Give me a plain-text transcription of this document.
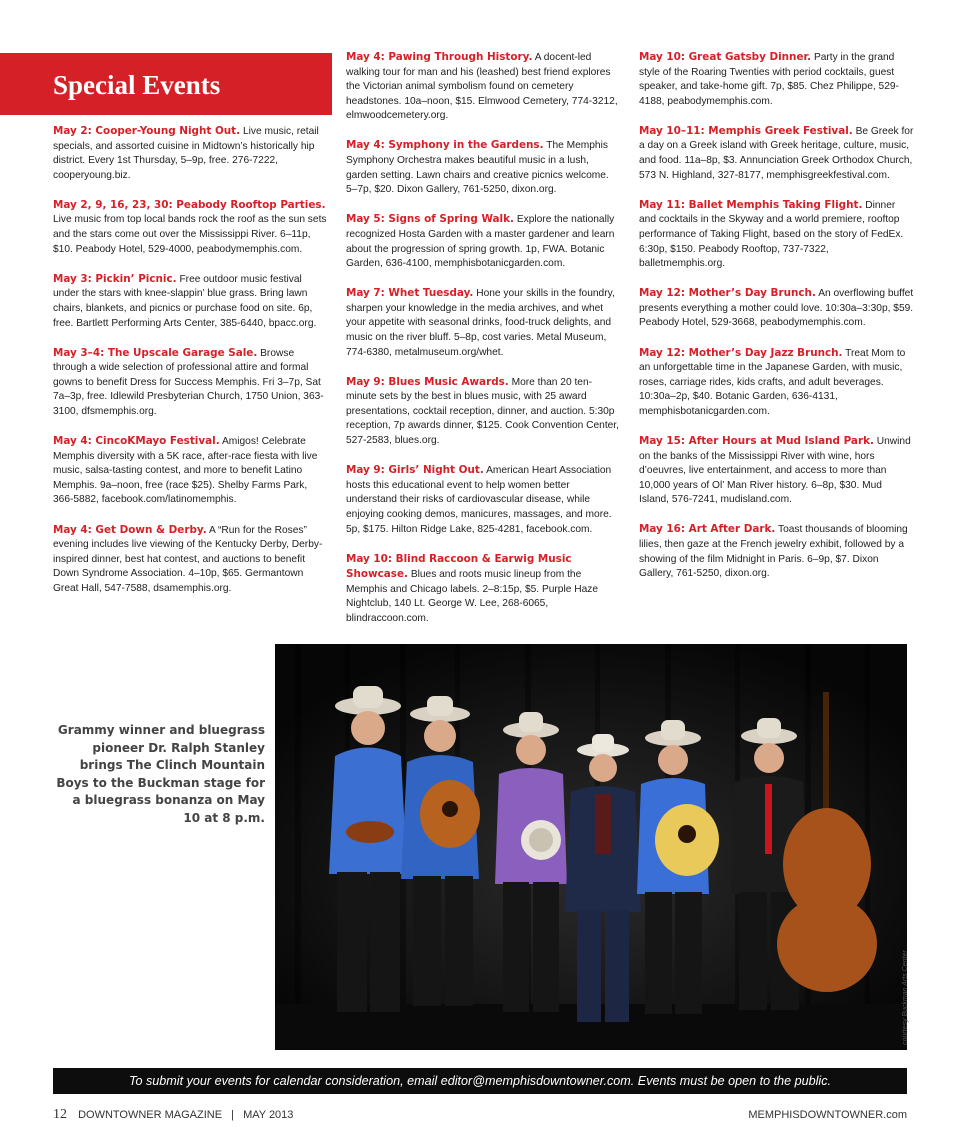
Special Events

May 2: Cooper-Young Night Out. Live music, retail specials, and assorted cuisine in Midtown’s historically hip district. Every 1st Thursday, 5–9p, free. 276-7222, cooperyoung.biz.

May 2, 9, 16, 23, 30: Peabody Rooftop Parties. Live music from top local bands rock the roof as the sun sets and the stars come out over the Mississippi River. 6–11p, $10. Peabody Hotel, 529-4000, peabodymemphis.com.

May 3: Pickin’ Picnic. Free outdoor music festival under the stars with knee-slappin’ blue grass. Bring lawn chairs, blankets, and picnics or purchase food on site. 6p, free. Bartlett Performing Arts Center, 385-6440, bpacc.org.

May 3–4: The Upscale Garage Sale. Browse through a wide selection of professional attire and formal gowns to benefit Dress for Success Memphis. Fri 3–7p, Sat 7a–3p, free. Idlewild Presbyterian Church, 1750 Union, 363-3100, dfsmemphis.org.

May 4: CincoKMayo Festival. Amigos! Celebrate Memphis diversity with a 5K race, after-race fiesta with live music, salsa-tasting contest, and more to benefit Latino Memphis. 9a–noon, free (race $25). Shelby Farms Park, 366-5882, facebook.com/latinomemphis.

May 4: Get Down & Derby. A “Run for the Roses” evening includes live viewing of the Kentucky Derby, Derby-inspired dinner, best hat contest, and auctions to benefit Down Syndrome Association. 4–10p, $65. Germantown Great Hall, 547-7588, dsamemphis.org.

May 4: Pawing Through History. A docent-led walking tour for man and his (leashed) best friend explores the Victorian animal symbolism found on cemetery headstones. 10a–noon, $15. Elmwood Cemetery, 774-3212, elmwoodcemetery.org.

May 4: Symphony in the Gardens. The Memphis Symphony Orchestra makes beautiful music in a lush, garden setting. Lawn chairs and creative picnics welcome. 5–7p, $20. Dixon Gallery, 761-5250, dixon.org.

May 5: Signs of Spring Walk. Explore the nationally recognized Hosta Garden with a master gardener and learn about the progression of spring growth. 1p, FWA. Botanic Garden, 636-4100, memphisbotanicgarden.com.

May 7: Whet Tuesday. Hone your skills in the foundry, sharpen your knowledge in the media archives, and whet your appetite with seasonal drinks, food-truck delights, and music on the river bluff. 5–8p, cost varies. Metal Museum, 774-6380, metalmuseum.org/whet.

May 9: Blues Music Awards. More than 20 ten-minute sets by the best in blues music, with 25 award presentations, cocktail reception, dinner, and auction. 5:30p reception, 7p awards dinner, $125. Cook Convention Center, 527-2583, blues.org.

May 9: Girls’ Night Out. American Heart Association hosts this educational event to help women better understand their risks of cardiovascular disease, while enjoying cooking demos, manicures, massages, and more. 5p, $175. Hilton Ridge Lake, 825-4281, facebook.com.

May 10: Blind Raccoon & Earwig Music Showcase. Blues and roots music lineup from the Memphis and Chicago labels. 2–8:15p, $5. Purple Haze Nightclub, 140 Lt. George W. Lee, 268-6065, blindraccoon.com.

May 10: Great Gatsby Dinner. Party in the grand style of the Roaring Twenties with period cocktails, guest speaker, and take-home gift. 7p, $85. Chez Philippe, 529-4188, peabodymemphis.com.

May 10–11: Memphis Greek Festival. Be Greek for a day on a Greek island with Greek heritage, culture, music, and food. 11a–8p, $3. Annunciation Greek Orthodox Church, 573 N. Highland, 327-8177, memphisgreekfestival.com.

May 11: Ballet Memphis Taking Flight. Dinner and cocktails in the Skyway and a world premiere, rooftop performance of Taking Flight, based on the story of FedEx. 6:30p, $150. Peabody Rooftop, 737-7322, balletmemphis.org.

May 12: Mother’s Day Brunch. An overflowing buffet presents everything a mother could love. 10:30a–3:30p, $59. Peabody Hotel, 529-3668, peabodymemphis.com.

May 12: Mother’s Day Jazz Brunch. Treat Mom to an unforgettable time in the Japanese Garden, with music, roses, carriage rides, kids crafts, and adult beverages. 10:30a–2p, $40. Botanic Garden, 636-4131, memphisbotanicgarden.com.

May 15: After Hours at Mud Island Park. Unwind on the banks of the Mississippi River with wine, hors d’oeuvres, live entertainment, and access to more than 10,000 years of Ol’ Man River history. 6–8p, $30. Mud Island, 576-7241, mudisland.com.

May 16: Art After Dark. Toast thousands of blooming lilies, then gaze at the French jewelry exhibit, followed by a showing of the film Midnight in Paris. 6–9p, $7. Dixon Gallery, 761-5250, dixon.org.

Grammy winner and bluegrass pioneer Dr. Ralph Stanley brings The Clinch Mountain Boys to the Buckman stage for a bluegrass bonanza on May 10 at 8 p.m.
courtesy Buckman Arts Center
To submit your events for calendar consideration, email editor@memphisdowntowner.com. Events must be open to the public.
12 DOWNTOWNER MAGAZINE | MAY 2013	MEMPHISDOWNTOWNER.com
